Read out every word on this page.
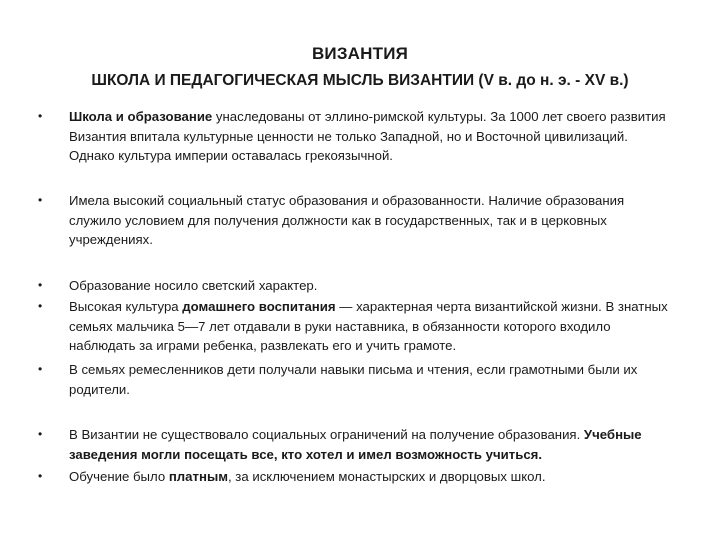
ВИЗАНТИЯ
ШКОЛА И ПЕДАГОГИЧЕСКАЯ МЫСЛЬ ВИЗАНТИИ (V в. до н. э. - XV в.)
• Школа и образование унаследованы от эллино-римской культуры. За 1000 лет своего развития Византия впитала культурные ценности не только Западной, но и Восточной цивилизаций. Однако культура империи оставалась грекоязычной.
• Имела высокий социальный статус образования и образованности. Наличие образования служило условием для получения должности как в государственных, так и в церковных учреждениях.
• Образование носило светский характер.
• Высокая культура домашнего воспитания — характерная черта византийской жизни. В знатных семьях мальчика 5—7 лет отдавали в руки наставника, в обязанности которого входило наблюдать за играми ребенка, развлекать его и учить грамоте.
• В семьях ремесленников дети получали навыки письма и чтения, если грамотными были их родители.
• В Византии не существовало социальных ограничений на получение образования. Учебные заведения могли посещать все, кто хотел и имел возможность учиться.
• Обучение было платным, за исключением монастырских и дворцовых школ.
